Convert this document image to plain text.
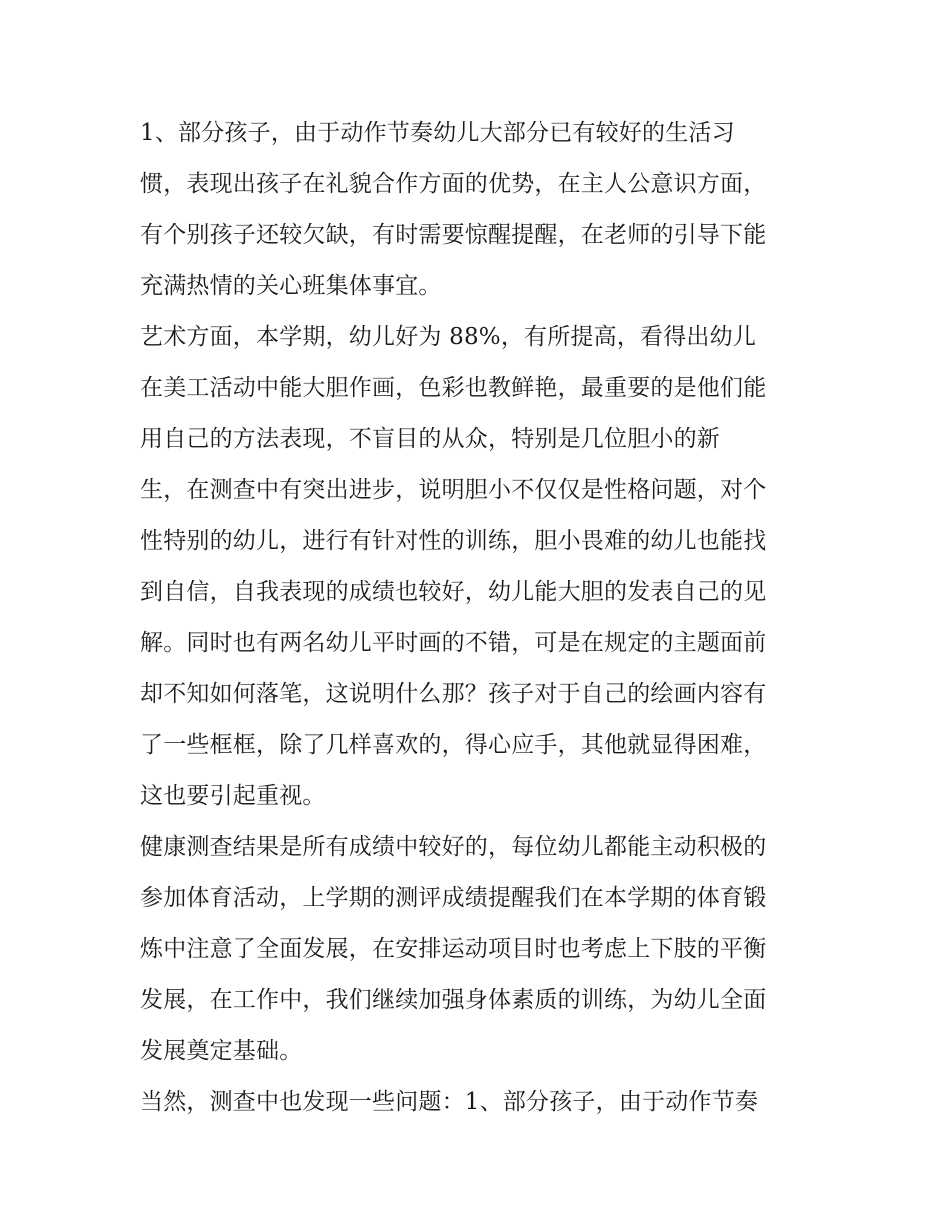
1、部分孩子，由于动作节奏幼儿大部分已有较好的生活习
惯，表现出孩子在礼貌合作方面的优势，在主人公意识方面，
有个别孩子还较欠缺，有时需要惊醒提醒，在老师的引导下能
充满热情的关心班集体事宜。
艺术方面，本学期，幼儿好为 88%，有所提高，看得出幼儿
在美工活动中能大胆作画，色彩也教鲜艳，最重要的是他们能
用自己的方法表现，不盲目的从众，特别是几位胆小的新
生，在测查中有突出进步，说明胆小不仅仅是性格问题，对个
性特别的幼儿，进行有针对性的训练，胆小畏难的幼儿也能找
到自信，自我表现的成绩也较好，幼儿能大胆的发表自己的见
解。同时也有两名幼儿平时画的不错，可是在规定的主题面前
却不知如何落笔，这说明什么那？孩子对于自己的绘画内容有
了一些框框，除了几样喜欢的，得心应手，其他就显得困难，
这也要引起重视。
健康测查结果是所有成绩中较好的，每位幼儿都能主动积极的
参加体育活动，上学期的测评成绩提醒我们在本学期的体育锻
炼中注意了全面发展，在安排运动项目时也考虑上下肢的平衡
发展，在工作中，我们继续加强身体素质的训练，为幼儿全面
发展奠定基础。
当然，测查中也发现一些问题：1、部分孩子，由于动作节奏
